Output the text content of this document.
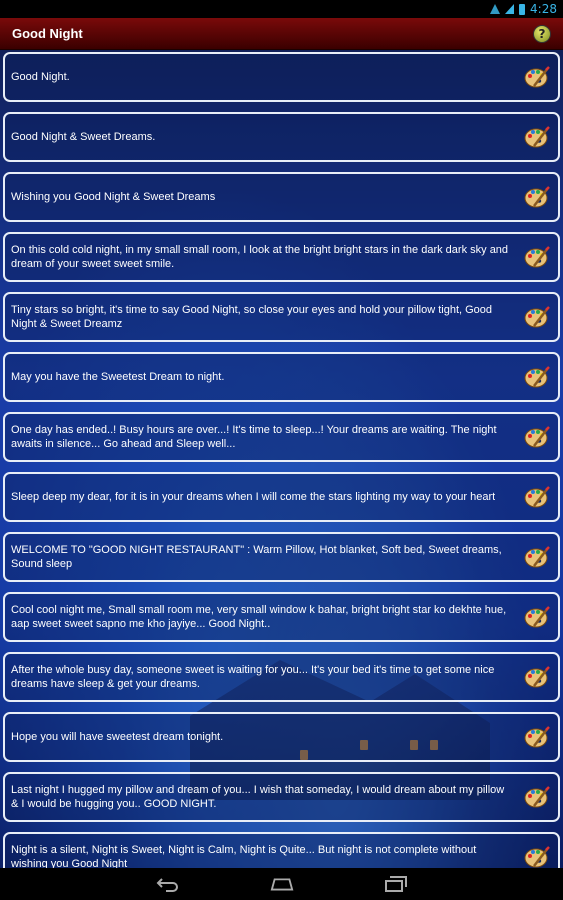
4:28
Good Night	?
Good Night.
Good Night & Sweet Dreams.
Wishing you Good Night & Sweet Dreams
On this cold cold night, in my small small room, I look at the bright bright stars in the dark dark sky and dream of your sweet sweet smile.
Tiny stars so bright, it's time to say Good Night, so close your eyes and hold your pillow tight, Good Night & Sweet Dreamz
May you have the Sweetest Dream to night.
One day has ended..! Busy hours are over...! It's time to sleep...! Your dreams are waiting. The night awaits in silence... Go ahead and Sleep well...
Sleep deep my dear, for it is in your dreams when I will come the stars lighting my way to your heart
WELCOME TO "GOOD NIGHT RESTAURANT" : Warm Pillow, Hot blanket, Soft bed, Sweet dreams, Sound sleep
Cool cool night me, Small small room me, very small window k bahar, bright bright star ko dekhte hue, aap sweet sweet sapno me kho jayiye... Good Night..
After the whole busy day, someone sweet is waiting for you... It's your bed it's time to get some nice dreams have sleep & get your dreams.
Hope you will have sweetest dream tonight.
Last night I hugged my pillow and dream of you... I wish that someday, I would dream about my pillow & I would be hugging you.. GOOD NIGHT.
Night is a silent, Night is Sweet, Night is Calm, Night is Quite... But night is not complete without wishing you Good Night
